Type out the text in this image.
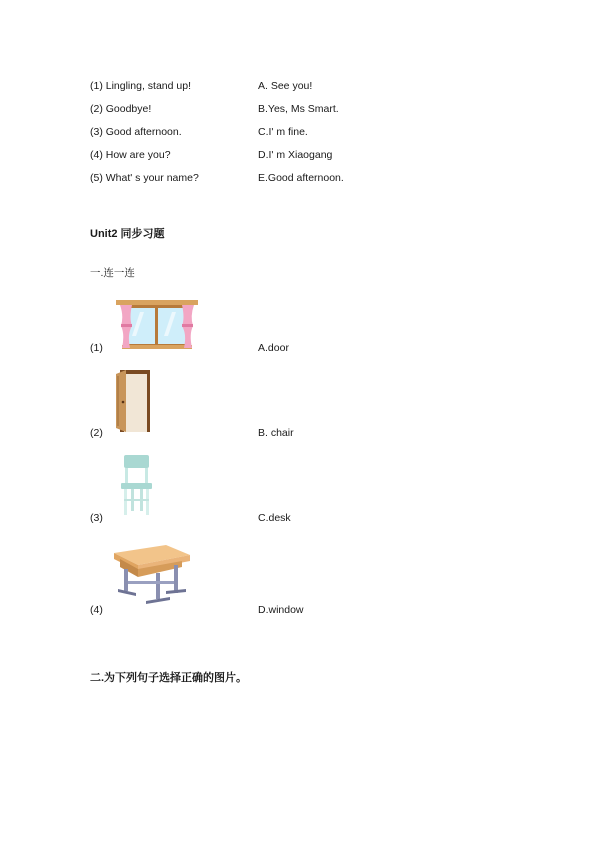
(1) Lingling, stand up!	A. See you!
(2) Goodbye!	B.Yes, Ms Smart.
(3) Good afternoon.	C.I' m fine.
(4) How are you?	D.I' m Xiaogang
(5) What' s your name?	E.Good afternoon.
Unit2 同步习题
一.连一连
(1)	A.door
(2)	B. chair
(3)	C.desk
(4)	D.window
二.为下列句子选择正确的图片。
